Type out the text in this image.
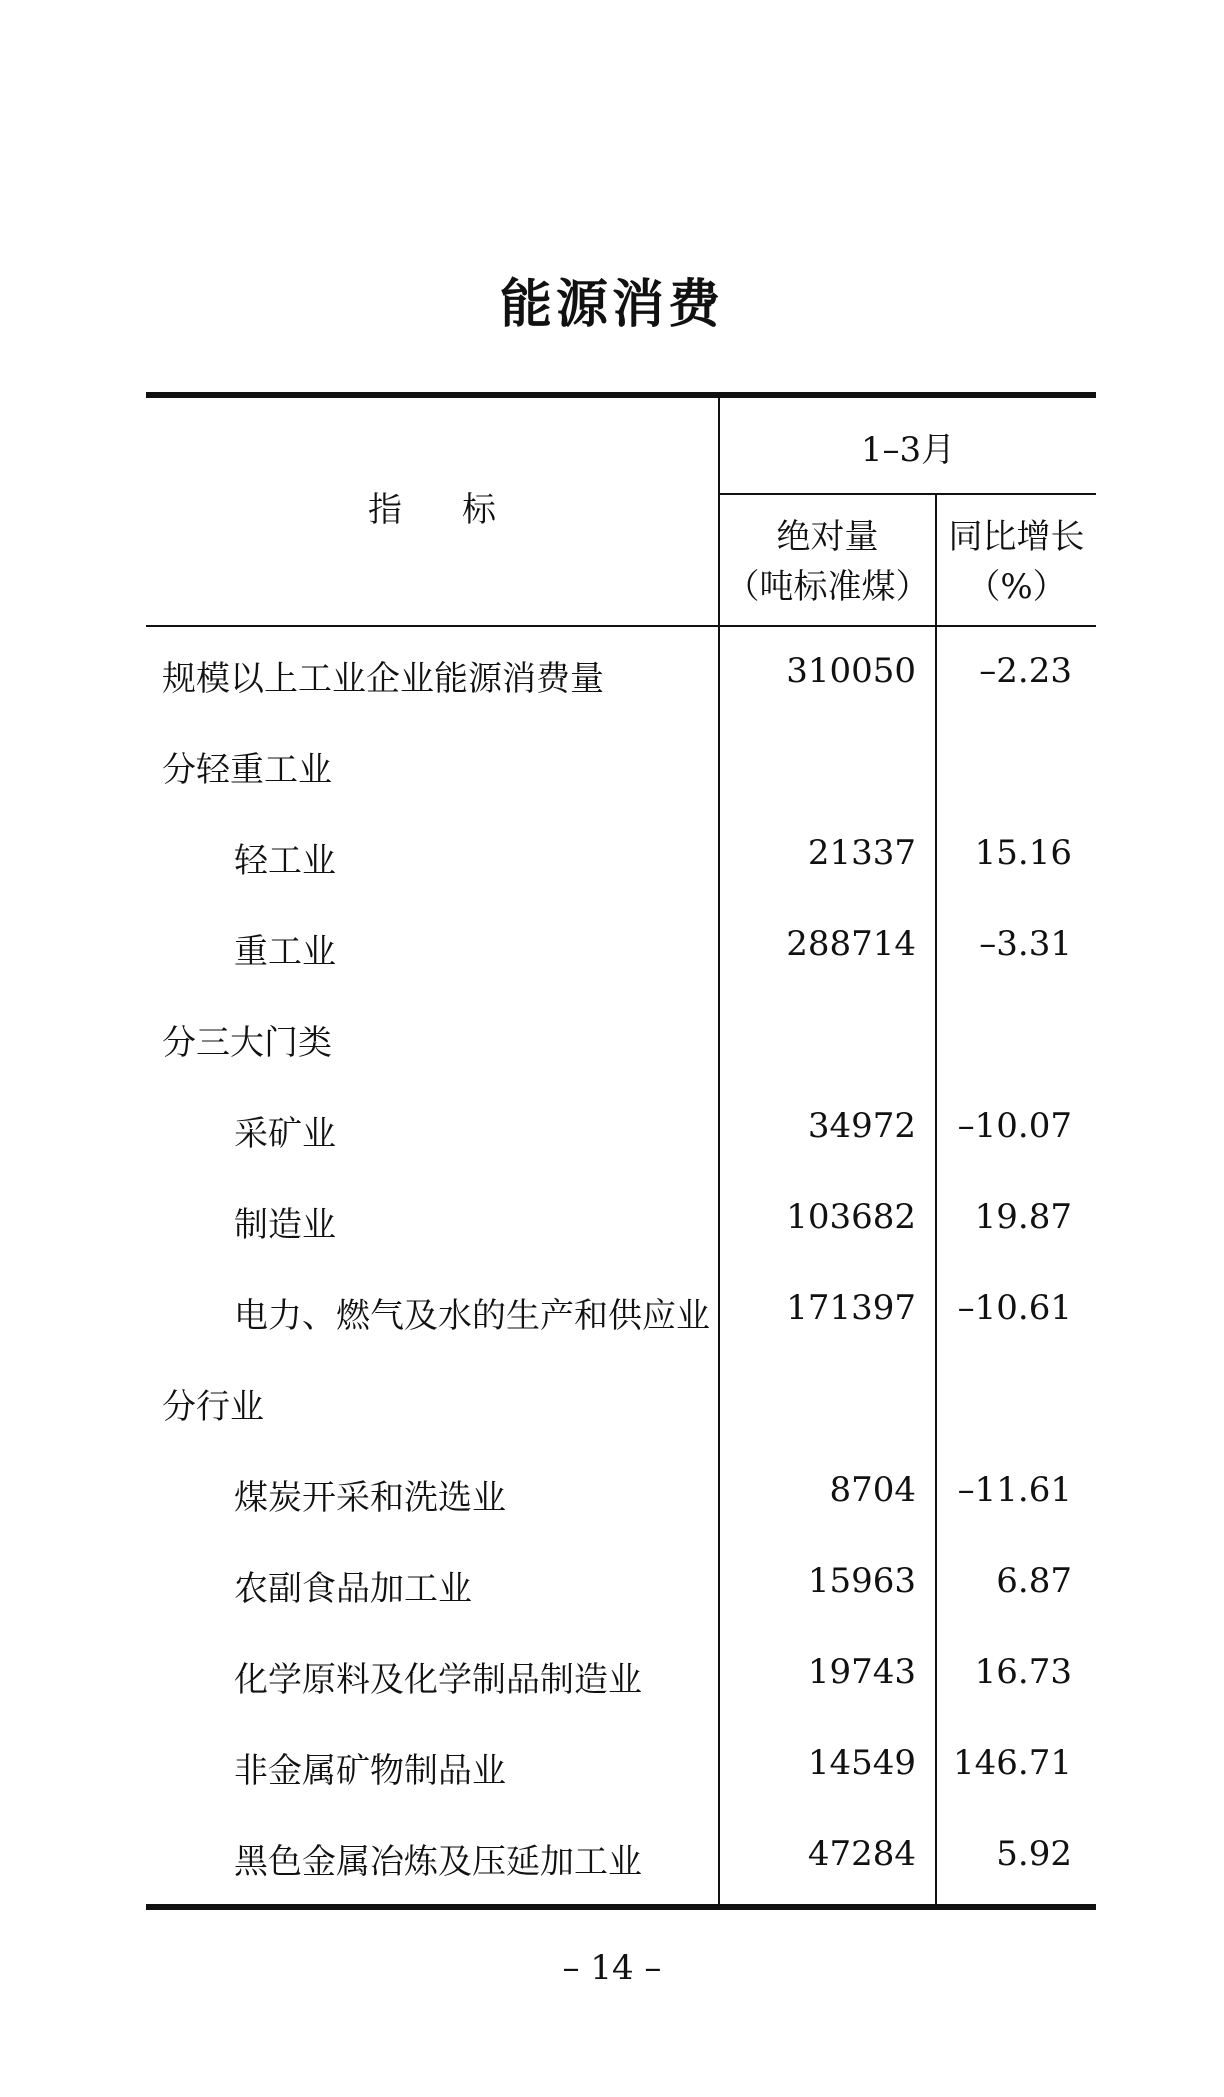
能源消费
指标
1–3月
绝对量
（吨标准煤）
同比增长
（%）
规模以上工业企业能源消费量	310050 –2.23
分轻重工业
轻工业	21337 15.16
重工业	288714 –3.31
分三大门类
采矿业	34972 –10.07
制造业	103682 19.87
电力、燃气及水的生产和供应业 171397 –10.61
分行业
煤炭开采和洗选业	8704 –11.61
农副食品加工业	15963 6.87
化学原料及化学制品制造业	19743 16.73
非金属矿物制品业	14549 146.71
黑色金属冶炼及压延加工业	47284 5.92
– 14 –
